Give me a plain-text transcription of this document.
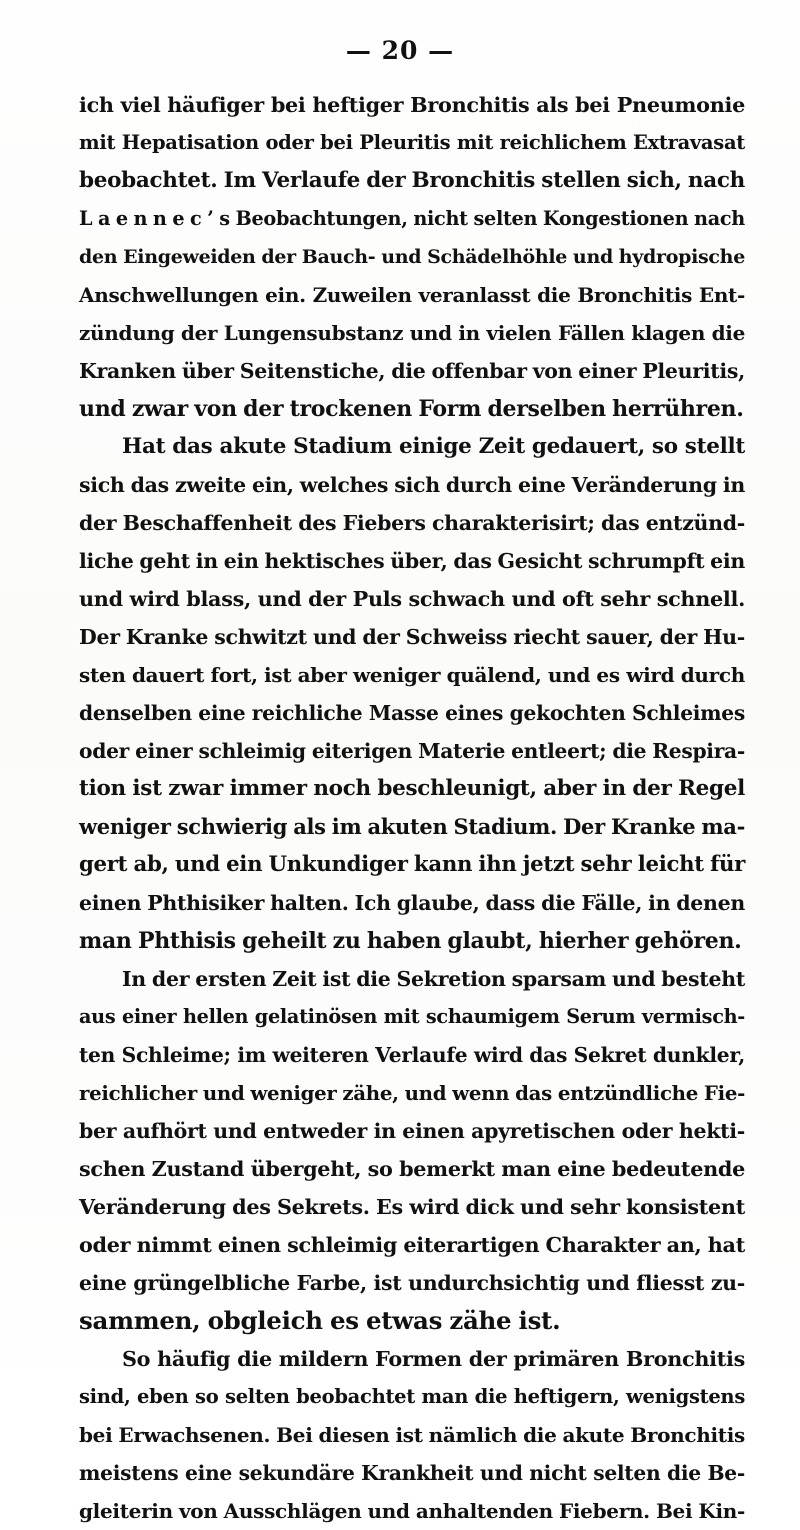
— 20 —
ich viel häufiger bei heftiger Bronchitis als bei Pneumonie
mit Hepatisation oder bei Pleuritis mit reichlichem Extravasat
beobachtet. Im Verlaufe der Bronchitis stellen sich, nach
L a e n n e c ’ s Beobachtungen, nicht selten Kongestionen nach
den Eingeweiden der Bauch- und Schädelhöhle und hydropische
Anschwellungen ein. Zuweilen veranlasst die Bronchitis Ent-
zündung der Lungensubstanz und in vielen Fällen klagen die
Kranken über Seitenstiche, die offenbar von einer Pleuritis,
und zwar von der trockenen Form derselben herrühren.
Hat das akute Stadium einige Zeit gedauert, so stellt
sich das zweite ein, welches sich durch eine Veränderung in
der Beschaffenheit des Fiebers charakterisirt; das entzünd-
liche geht in ein hektisches über, das Gesicht schrumpft ein
und wird blass, und der Puls schwach und oft sehr schnell.
Der Kranke schwitzt und der Schweiss riecht sauer, der Hu-
sten dauert fort, ist aber weniger quälend, und es wird durch
denselben eine reichliche Masse eines gekochten Schleimes
oder einer schleimig eiterigen Materie entleert; die Respira-
tion ist zwar immer noch beschleunigt, aber in der Regel
weniger schwierig als im akuten Stadium. Der Kranke ma-
gert ab, und ein Unkundiger kann ihn jetzt sehr leicht für
einen Phthisiker halten. Ich glaube, dass die Fälle, in denen
man Phthisis geheilt zu haben glaubt, hierher gehören.
In der ersten Zeit ist die Sekretion sparsam und besteht
aus einer hellen gelatinösen mit schaumigem Serum vermisch-
ten Schleime; im weiteren Verlaufe wird das Sekret dunkler,
reichlicher und weniger zähe, und wenn das entzündliche Fie-
ber aufhört und entweder in einen apyretischen oder hekti-
schen Zustand übergeht, so bemerkt man eine bedeutende
Veränderung des Sekrets. Es wird dick und sehr konsistent
oder nimmt einen schleimig eiterartigen Charakter an, hat
eine grüngelbliche Farbe, ist undurchsichtig und fliesst zu-
sammen, obgleich es etwas zähe ist.
So häufig die mildern Formen der primären Bronchitis
sind, eben so selten beobachtet man die heftigern, wenigstens
bei Erwachsenen. Bei diesen ist nämlich die akute Bronchitis
meistens eine sekundäre Krankheit und nicht selten die Be-
gleiterin von Ausschlägen und anhaltenden Fiebern. Bei Kin-
